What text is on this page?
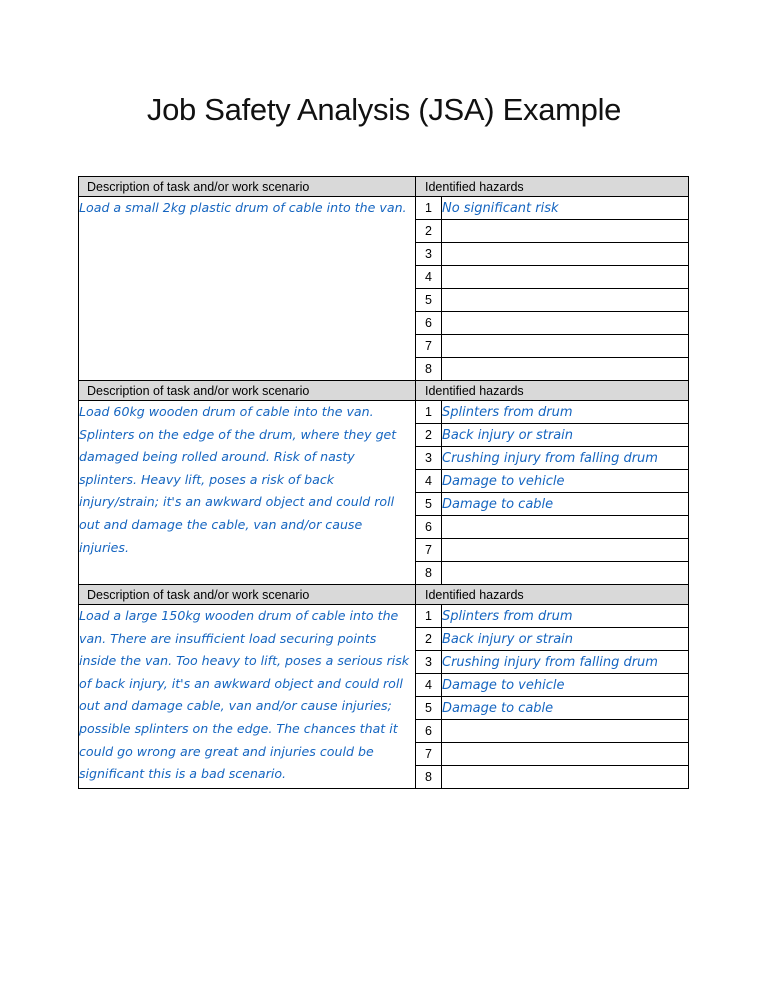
Job Safety Analysis (JSA) Example
Description of task and/or work scenario	Identified hazards	
Load a small 2kg plastic drum of cable into the van.	1	No significant risk
	2	
	3	
	4	
	5	
	6	
	7	
	8	
Description of task and/or work scenario	Identified hazards	
Load 60kg wooden drum of cable into the van. Splinters on the edge of the drum, where they get damaged being rolled around. Risk of nasty splinters. Heavy lift, poses a risk of back injury/strain; it's an awkward object and could roll out and damage the cable, van and/or cause injuries.	1	Splinters from drum
	2	Back injury or strain
	3	Crushing injury from falling drum
	4	Damage to vehicle
	5	Damage to cable
	6	
	7	
	8	
Description of task and/or work scenario	Identified hazards	
Load a large 150kg wooden drum of cable into the van. There are insufficient load securing points inside the van. Too heavy to lift, poses a serious risk of back injury, it's an awkward object and could roll out and damage cable, van and/or cause injuries; possible splinters on the edge. The chances that it could go wrong are great and injuries could be significant this is a bad scenario.	1	Splinters from drum
	2	Back injury or strain
	3	Crushing injury from falling drum
	4	Damage to vehicle
	5	Damage to cable
	6	
	7	
	8	
